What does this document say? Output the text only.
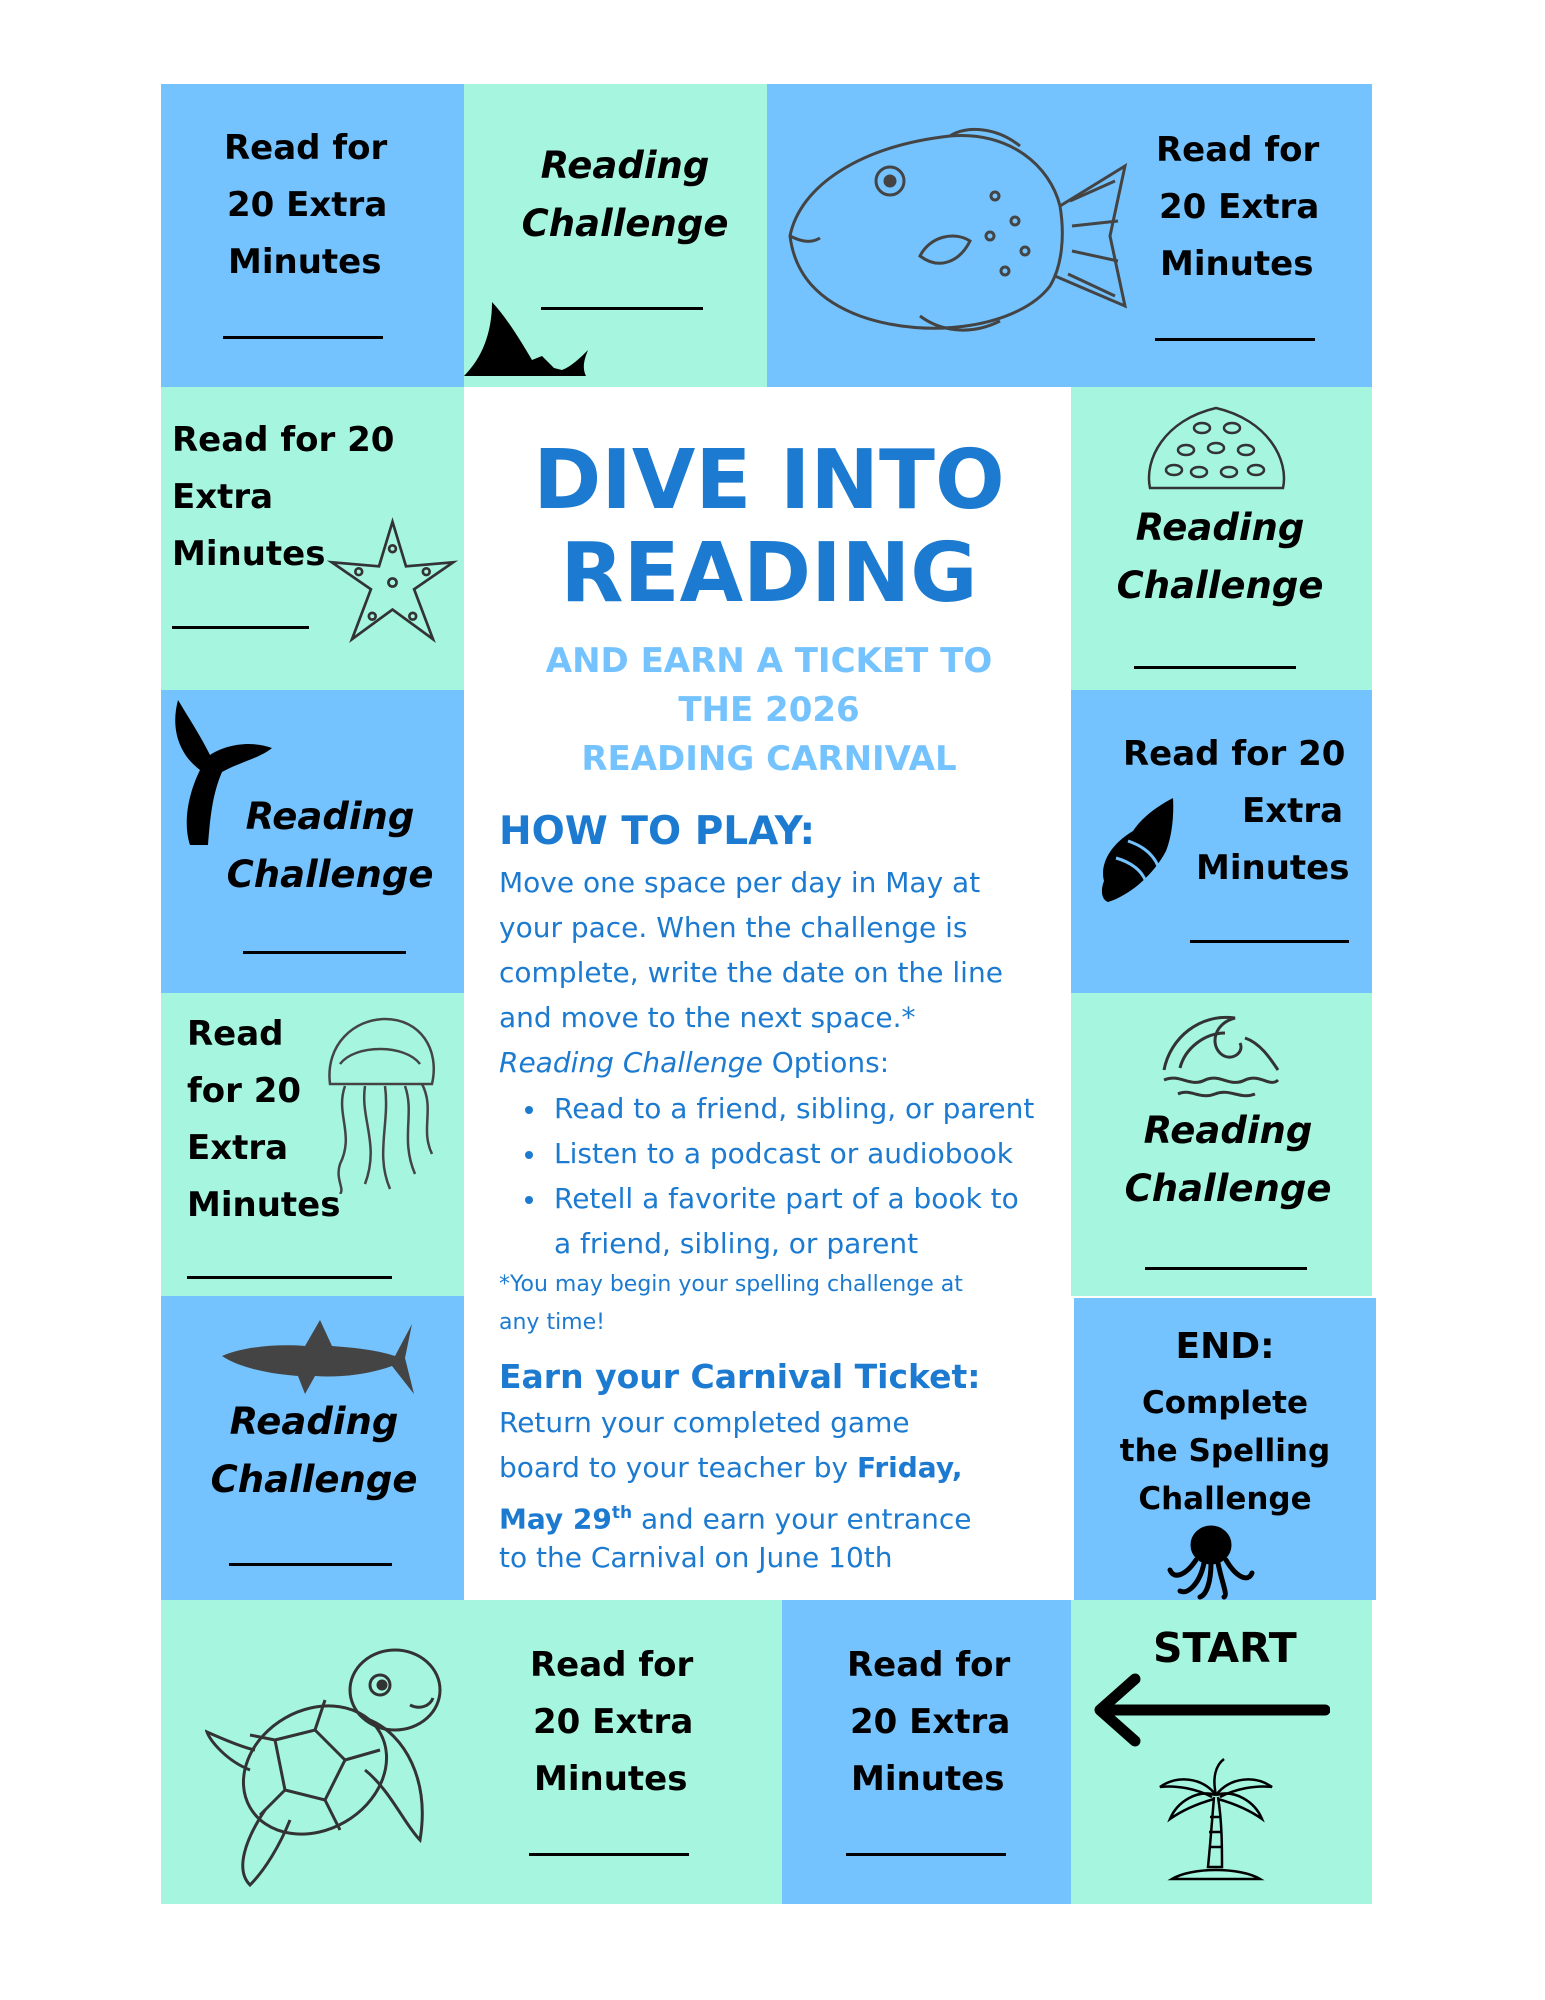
Read for
20 Extra
Minutes
Reading
Challenge
Read for
20 Extra
Minutes
Read for 20
Extra
Minutes
Reading
Challenge
Read
for 20
Extra
Minutes
Reading
Challenge
Reading
Challenge
Read for 20
Extra
Minutes
Reading
Challenge
END:
Complete
the Spelling
Challenge
Read for
20 Extra
Minutes
Read for
20 Extra
Minutes
START
DIVE INTO
READING
AND EARN A TICKET TO
THE 2026
READING CARNIVAL
HOW TO PLAY:
Move one space per day in May at
your pace. When the challenge is
complete, write the date on the line
and move to the next space.*
Reading Challenge Options:
Read to a friend, sibling, or parent
Listen to a podcast or audiobook
Retell a favorite part of a book to
a friend, sibling, or parent
*You may begin your spelling challenge at
any time!
Earn your Carnival Ticket:
Return your completed game
board to your teacher by Friday,
May 29th and earn your entrance
to the Carnival on June 10th
